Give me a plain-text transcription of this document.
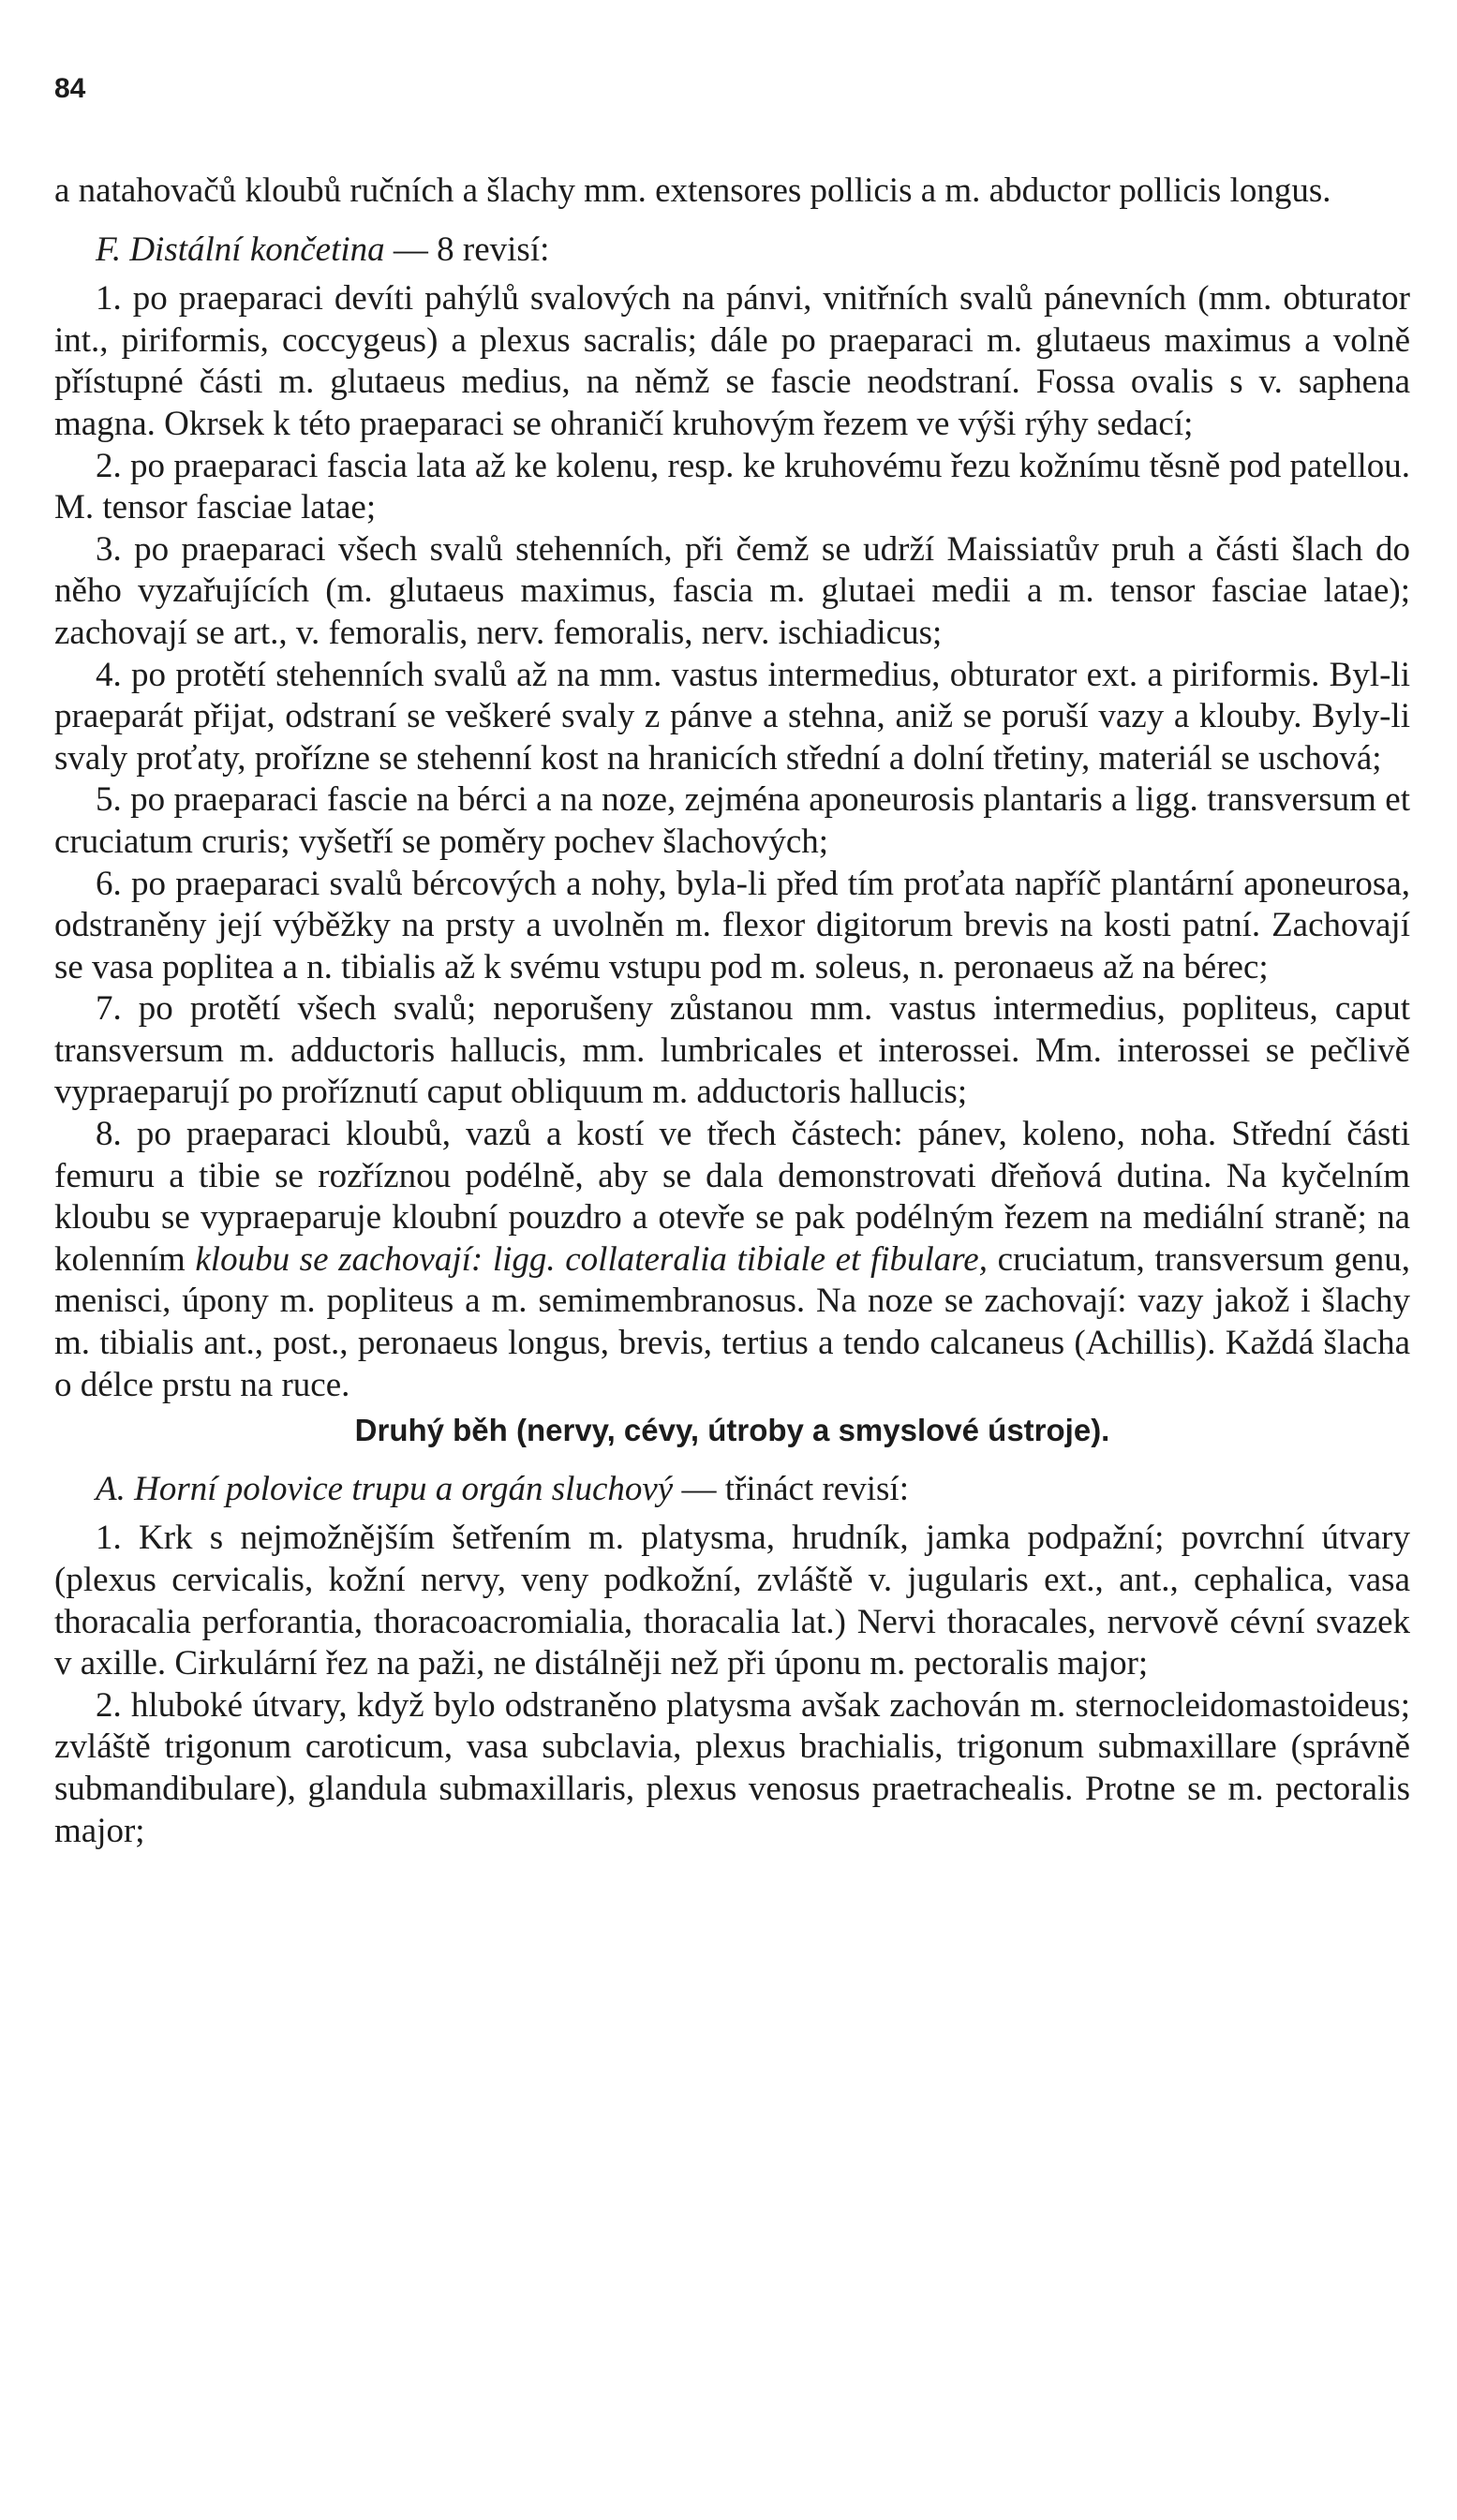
84

a natahovačů kloubů ručních a šlachy mm. extensores pollicis a m. abductor pollicis longus.

F. Distální končetina — 8 revisí:

1. po praeparaci devíti pahýlů svalových na pánvi, vnitřních svalů pánevních (mm. obturator int., piriformis, coccygeus) a plexus sacralis; dále po praeparaci m. glutaeus maximus a volně přístupné části m. glutaeus medius, na němž se fascie neodstraní. Fossa ovalis s v. saphena magna. Okrsek k této praeparaci se ohraničí kruhovým řezem ve výši rýhy sedací;

2. po praeparaci fascia lata až ke kolenu, resp. ke kruhovému řezu kožnímu těsně pod patellou. M. tensor fasciae latae;

3. po praeparaci všech svalů stehenních, při čemž se udrží Maissiatův pruh a části šlach do něho vyzařujících (m. glutaeus maximus, fascia m. glutaei medii a m. tensor fasciae latae); zachovají se art., v. femoralis, nerv. femoralis, nerv. ischiadicus;

4. po protětí stehenních svalů až na mm. vastus intermedius, obturator ext. a piriformis. Byl-li praeparát přijat, odstraní se veškeré svaly z pánve a stehna, aniž se poruší vazy a klouby. Byly-li svaly proťaty, prořízne se stehenní kost na hranicích střední a dolní třetiny, materiál se uschová;

5. po praeparaci fascie na bérci a na noze, zejména aponeurosis plantaris a ligg. transversum et cruciatum cruris; vyšetří se poměry pochev šlachových;

6. po praeparaci svalů bércových a nohy, byla-li před tím proťata napříč plantární aponeurosa, odstraněny její výběžky na prsty a uvolněn m. flexor digitorum brevis na kosti patní. Zachovají se vasa poplitea a n. tibialis až k svému vstupu pod m. soleus, n. peronaeus až na bérec;

7. po protětí všech svalů; neporušeny zůstanou mm. vastus intermedius, popliteus, caput transversum m. adductoris hallucis, mm. lumbricales et interossei. Mm. interossei se pečlivě vypraeparují po proříznutí caput obliquum m. adductoris hallucis;

8. po praeparaci kloubů, vazů a kostí ve třech částech: pánev, koleno, noha. Střední části femuru a tibie se rozříznou podélně, aby se dala demonstrovati dřeňová dutina. Na kyčelním kloubu se vypraeparuje kloubní pouzdro a otevře se pak podélným řezem na mediální straně; na kolenním kloubu se zachovají: ligg. collateralia tibiale et fibulare, cruciatum, transversum genu, menisci, úpony m. popliteus a m. semimembranosus. Na noze se zachovají: vazy jakož i šlachy m. tibialis ant., post., peronaeus longus, brevis, tertius a tendo calcaneus (Achillis). Každá šlacha o délce prstu na ruce.

Druhý běh (nervy, cévy, útroby a smyslové ústroje).

A. Horní polovice trupu a orgán sluchový — třináct revisí:

1. Krk s nejmožnějším šetřením m. platysma, hrudník, jamka podpažní; povrchní útvary (plexus cervicalis, kožní nervy, veny podkožní, zvláště v. jugularis ext., ant., cephalica, vasa thoracalia perforantia, thoracoacromialia, thoracalia lat.) Nervi thoracales, nervově cévní svazek v axille. Cirkulární řez na paži, ne distálněji než při úponu m. pectoralis major;

2. hluboké útvary, když bylo odstraněno platysma avšak zachován m. sternocleidomastoideus; zvláště trigonum caroticum, vasa subclavia, plexus brachialis, trigonum submaxillare (správně submandibulare), glandula submaxillaris, plexus venosus praetrachealis. Protne se m. pectoralis major;
